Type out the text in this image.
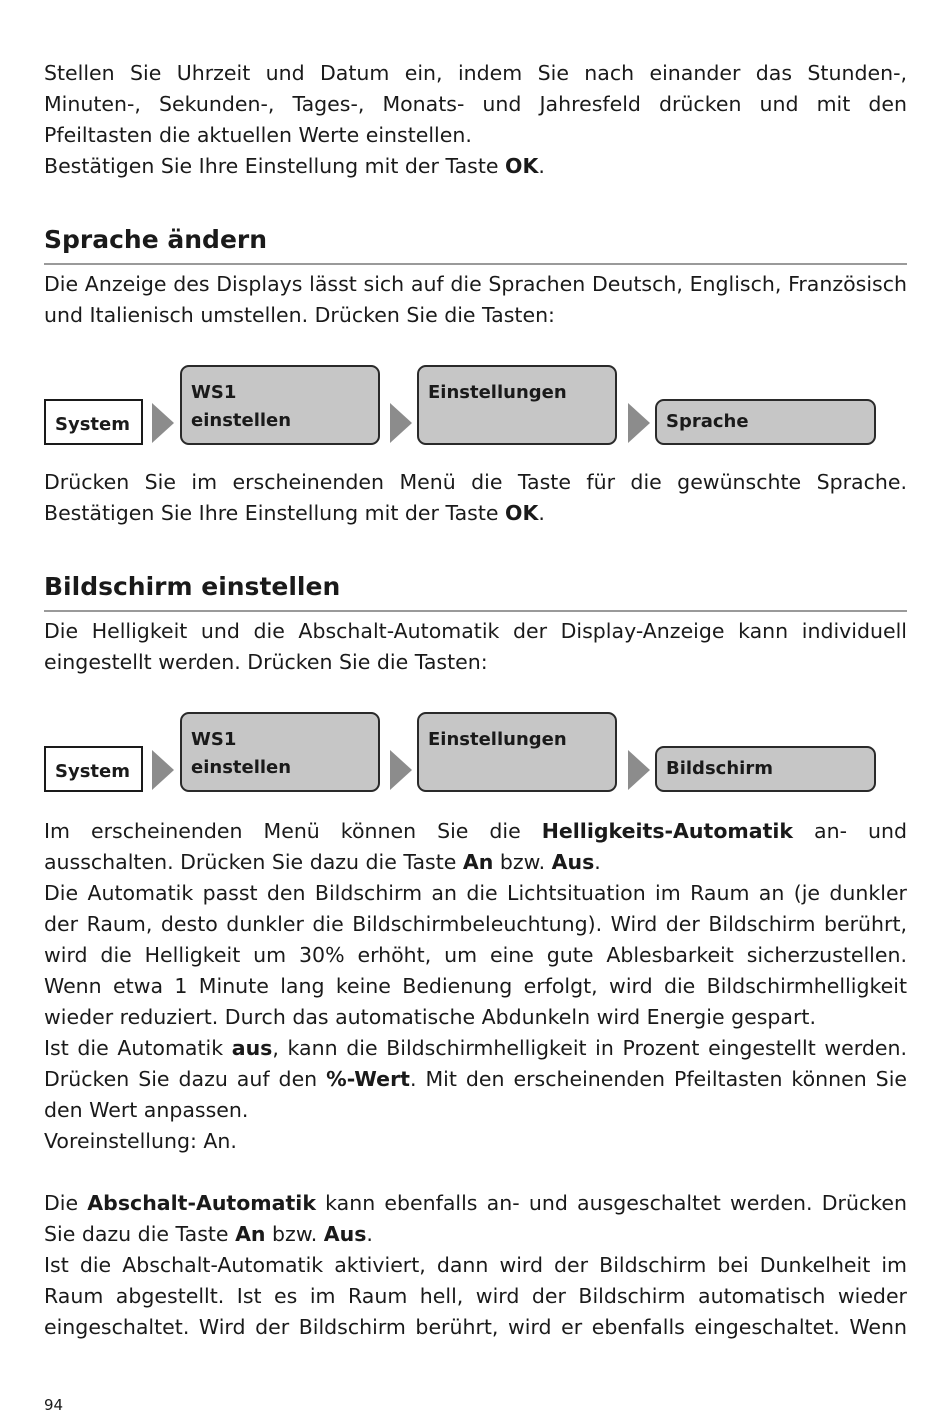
Stellen Sie Uhrzeit und Datum ein, indem Sie nach einander das Stunden-, Minuten-, Sekunden-, Tages-, Monats- und Jahresfeld drücken und mit den Pfeiltasten die aktuellen Werte einstellen.

Bestätigen Sie Ihre Einstellung mit der Taste OK.

Sprache ändern

Die Anzeige des Displays lässt sich auf die Sprachen Deutsch, Englisch, Französisch und Italienisch umstellen. Drücken Sie die Tasten:

System
WS1
einstellen
Einstellungen
Sprache

Drücken Sie im erscheinenden Menü die Taste für die gewünschte Sprache.

Bestätigen Sie Ihre Einstellung mit der Taste OK.

Bildschirm einstellen

Die Helligkeit und die Abschalt-Automatik der Display-Anzeige kann individuell eingestellt werden. Drücken Sie die Tasten:

System
WS1
einstellen
Einstellungen
Bildschirm

Im erscheinenden Menü können Sie die Helligkeits-Automatik an- und ausschalten. Drücken Sie dazu die Taste An bzw. Aus.

Die Automatik passt den Bildschirm an die Lichtsituation im Raum an (je dunkler der Raum, desto dunkler die Bildschirmbeleuchtung). Wird der Bildschirm berührt, wird die Helligkeit um 30% erhöht, um eine gute Ablesbarkeit sicherzustellen. Wenn etwa 1 Minute lang keine Bedienung erfolgt, wird die Bildschirmhelligkeit wieder reduziert. Durch das automatische Abdunkeln wird Energie gespart.

Ist die Automatik aus, kann die Bildschirmhelligkeit in Prozent eingestellt werden. Drücken Sie dazu auf den %-Wert. Mit den erscheinenden Pfeiltasten können Sie den Wert anpassen.

Voreinstellung: An.

Die Abschalt-Automatik kann ebenfalls an- und ausgeschaltet werden. Drücken Sie dazu die Taste An bzw. Aus.

Ist die Abschalt-Automatik aktiviert, dann wird der Bildschirm bei Dunkelheit im Raum abgestellt. Ist es im Raum hell, wird der Bildschirm automatisch wieder eingeschaltet. Wird der Bildschirm berührt, wird er ebenfalls eingeschaltet. Wenn

94
